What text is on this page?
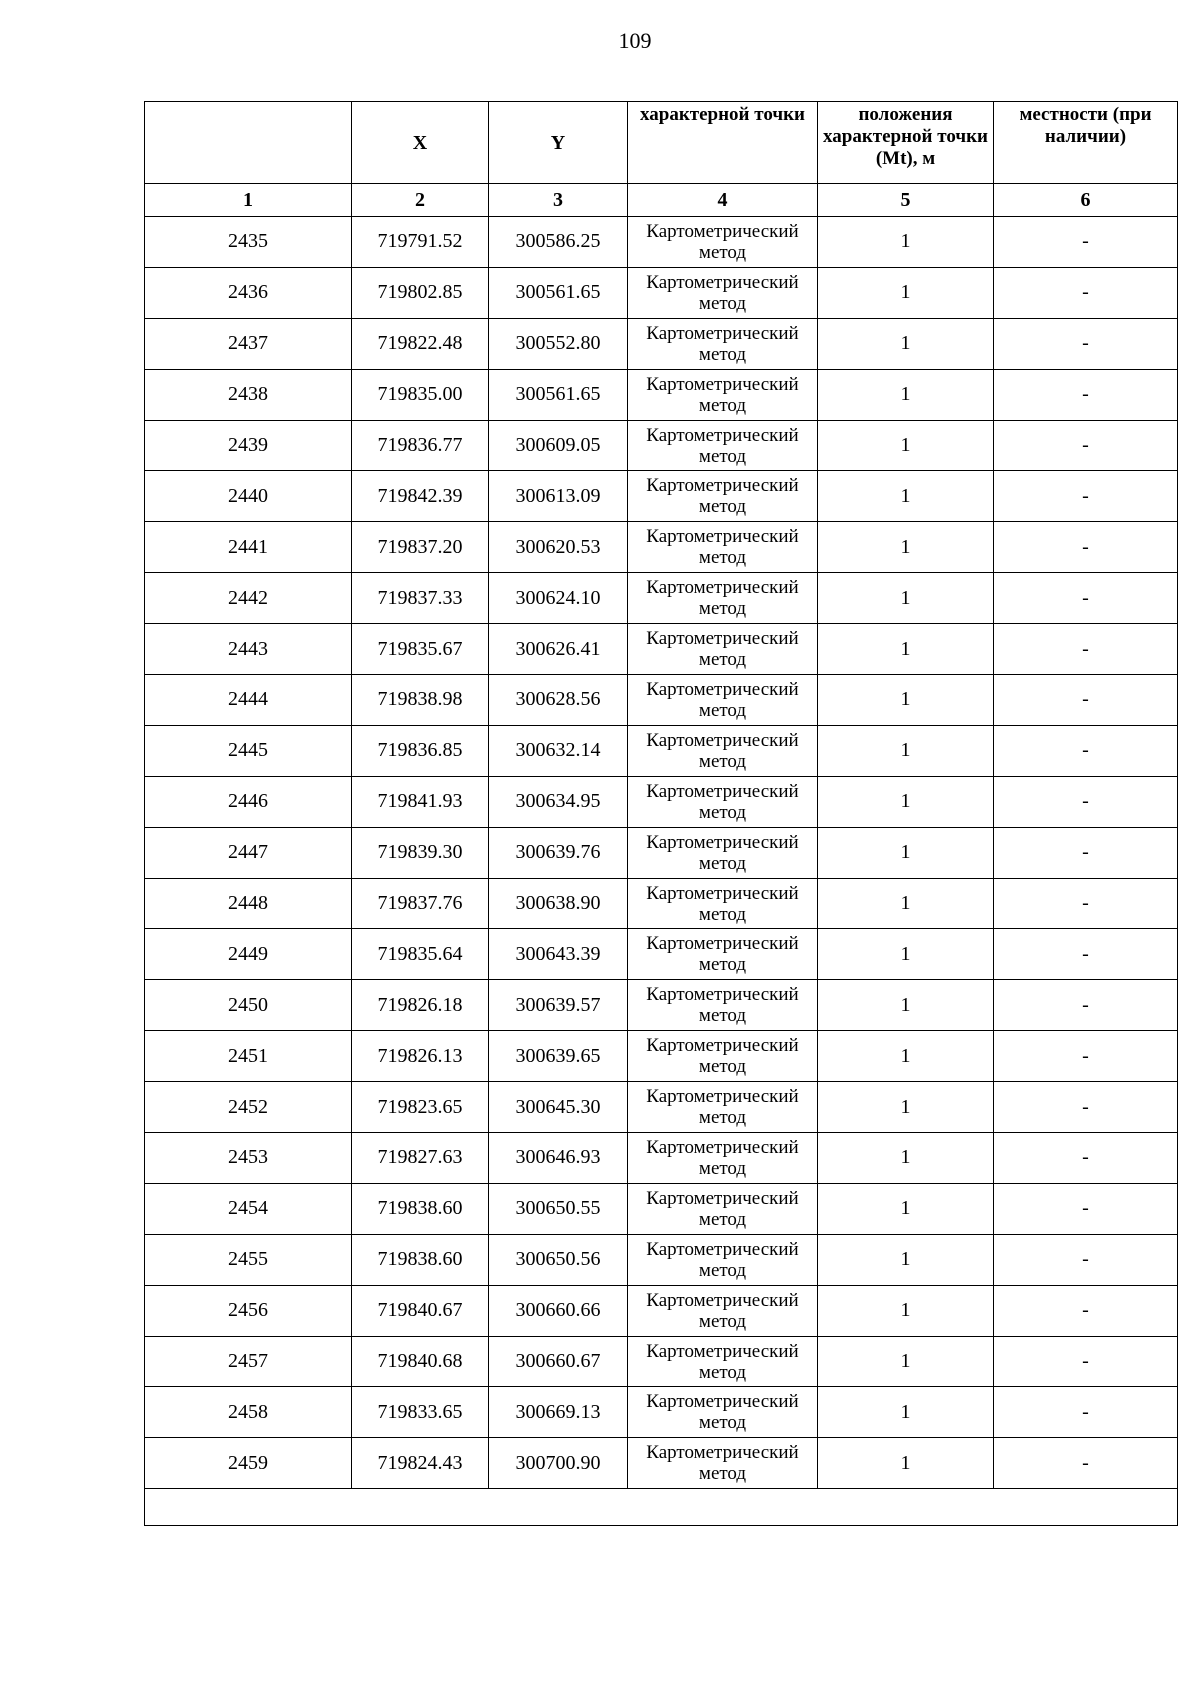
109
	X	Y	характерной точки	положения характерной точки (Mt), м	местности (при наличии)
1	2	3	4	5	6
2435	719791.52	300586.25	Картометрический метод	1	-
2436	719802.85	300561.65	Картометрический метод	1	-
2437	719822.48	300552.80	Картометрический метод	1	-
2438	719835.00	300561.65	Картометрический метод	1	-
2439	719836.77	300609.05	Картометрический метод	1	-
2440	719842.39	300613.09	Картометрический метод	1	-
2441	719837.20	300620.53	Картометрический метод	1	-
2442	719837.33	300624.10	Картометрический метод	1	-
2443	719835.67	300626.41	Картометрический метод	1	-
2444	719838.98	300628.56	Картометрический метод	1	-
2445	719836.85	300632.14	Картометрический метод	1	-
2446	719841.93	300634.95	Картометрический метод	1	-
2447	719839.30	300639.76	Картометрический метод	1	-
2448	719837.76	300638.90	Картометрический метод	1	-
2449	719835.64	300643.39	Картометрический метод	1	-
2450	719826.18	300639.57	Картометрический метод	1	-
2451	719826.13	300639.65	Картометрический метод	1	-
2452	719823.65	300645.30	Картометрический метод	1	-
2453	719827.63	300646.93	Картометрический метод	1	-
2454	719838.60	300650.55	Картометрический метод	1	-
2455	719838.60	300650.56	Картометрический метод	1	-
2456	719840.67	300660.66	Картометрический метод	1	-
2457	719840.68	300660.67	Картометрический метод	1	-
2458	719833.65	300669.13	Картометрический метод	1	-
2459	719824.43	300700.90	Картометрический метод	1	-
